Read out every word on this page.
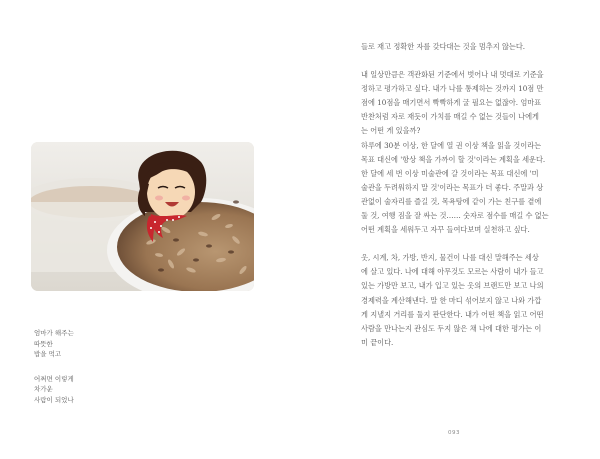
엄마가 해주는
따뜻한
밥을 먹고

어쩌면 이렇게
차가운
사람이 되었나

들로 재고 정확한 자를 갖다대는 것을 멈추지 않는다.

내 일상만큼은 객관화된 기준에서 벗어나 내 멋대로 기준을
정하고 평가하고 싶다. 내가 나를 통제하는 것까지 10점 만
점에 10점을 매기면서 빡빡하게 굴 필요는 없잖아. 엄마표
반찬처럼 자로 재듯이 가치를 매길 수 없는 것들이 나에게
는 어떤 게 있을까?
하루에 30분 이상, 한 달에 열 권 이상 책을 읽을 것이라는
목표 대신에 '항상 책을 가까이 할 것'이라는 계획을 세운다.
한 달에 세 번 이상 미술관에 갈 것이라는 목표 대신에 '미
술관을 두려워하지 말 것'이라는 목표가 더 좋다. 주말과 상
관없이 술자리를 즐길 것, 목욕탕에 같이 가는 친구를 곁에
둘 것, 여행 짐을 잘 싸는 것…… 숫자로 점수를 매길 수 없는
어떤 계획을 세워두고 자꾸 들여다보며 실천하고 싶다.

옷, 시계, 차, 가방, 반지, 물건이 나를 대신 말해주는 세상
에 살고 있다. 나에 대해 아무것도 모르는 사람이 내가 들고
있는 가방만 보고, 내가 입고 있는 옷의 브랜드만 보고 나의
경제력을 계산해낸다. 말 한 마디 섞어보지 않고 나와 가깝
게 지낼지 거리를 둘지 판단한다. 내가 어떤 책을 읽고 어떤
사람을 만나는지 관심도 두지 않은 채 나에 대한 평가는 이
미 끝이다.

093
